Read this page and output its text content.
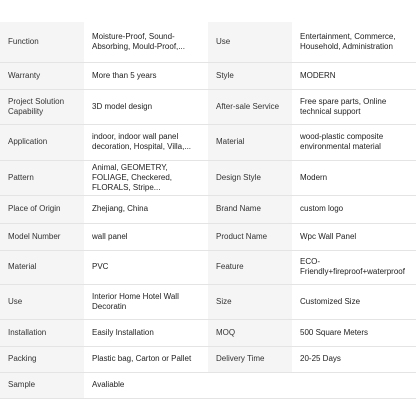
Function	Moisture-Proof, Sound-Absorbing, Mould-Proof,...	Use	Entertainment, Commerce, Household, Administration
Warranty	More than 5 years	Style	MODERN
Project Solution Capability	3D model design	After-sale Service	Free spare parts, Online technical support
Application	indoor, indoor wall panel decoration, Hospital, Villa,...	Material	wood-plastic composite environmental material
Pattern	Animal, GEOMETRY, FOLIAGE, Checkered, FLORALS, Stripe...	Design Style	Modern
Place of Origin	Zhejiang, China	Brand Name	custom logo
Model Number	wall panel	Product Name	Wpc Wall Panel
Material	PVC	Feature	ECO-Friendly+fireproof+waterproof
Use	Interior Home Hotel Wall Decoratin	Size	Customized Size
Installation	Easily Installation	MOQ	500 Square Meters
Packing	Plastic bag, Carton or Pallet	Delivery Time	20-25 Days
Sample	Avaliable		
